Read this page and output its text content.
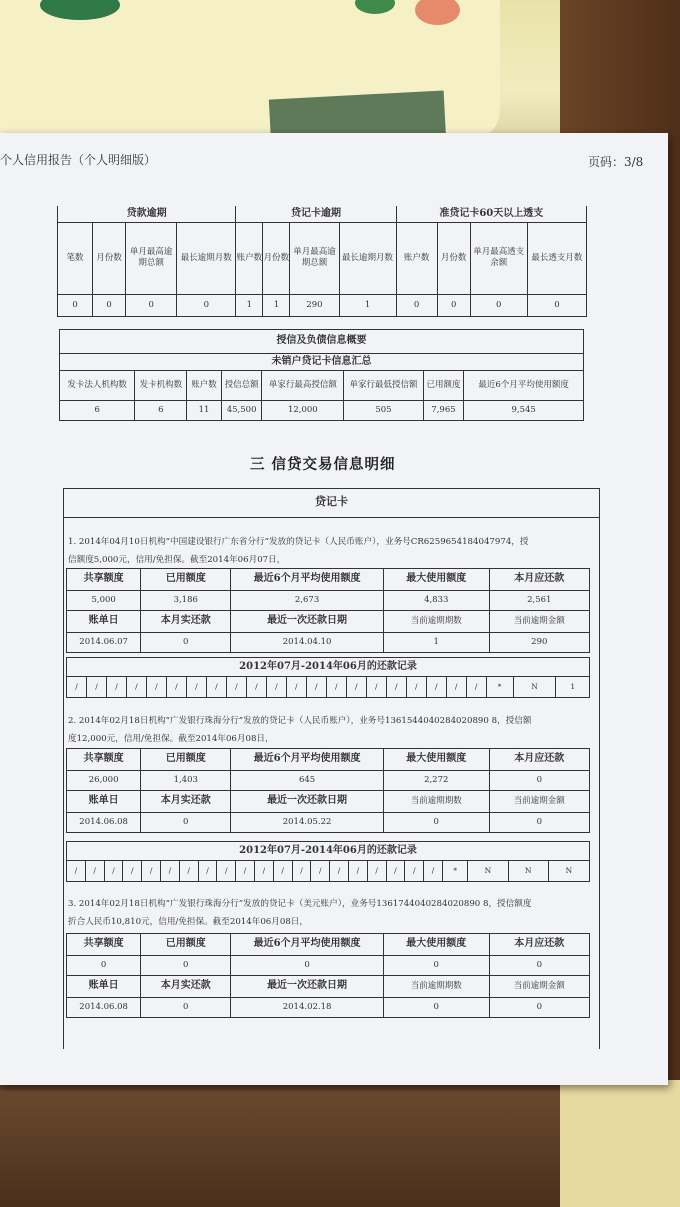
个人信用报告（个人明细版）	页码：3/8
贷款逾期				贷记卡逾期				准贷记卡60天以上透支			
笔数	月份数	单月最高逾期总额	最长逾期月数	账户数	月份数	单月最高逾期总额	最长逾期月数	账户数	月份数	单月最高透支余额	最长透支月数
0	0	0	0	1	1	290	1	0	0	0	0
授信及负债信息概要							
未销户贷记卡信息汇总							
发卡法人机构数	发卡机构数	账户数	授信总额	单家行最高授信额	单家行最低授信额	已用额度	最近6个月平均使用额度
6	6	11	45,500	12,000	505	7,965	9,545
三 信贷交易信息明细
贷记卡
1. 2014年04月10日机构“中国建设银行广东省分行”发放的贷记卡（人民币账户），业务号CR6259654184047974，授
信额度5,000元，信用/免担保。截至2014年06月07日，
共享额度	已用额度	最近6个月平均使用额度	最大使用额度	本月应还款
5,000	3,186	2,673	4,833	2,561
账单日	本月实还款	最近一次还款日期	当前逾期期数	当前逾期金额
2014.06.07	0	2014.04.10	1	290
2012年07月-2014年06月的还款记录
/	/	/	/	/	/	/	/	/	/	/	/	/	/	/	/	/	/	/	/	/	*	N	1
2. 2014年02月18日机构“广发银行珠海分行”发放的贷记卡（人民币账户），业务号1361544040284020890 8，授信额
度12,000元，信用/免担保。截至2014年06月08日，
共享额度	已用额度	最近6个月平均使用额度	最大使用额度	本月应还款
26,000	1,403	645	2,272	0
账单日	本月实还款	最近一次还款日期	当前逾期期数	当前逾期金额
2014.06.08	0	2014.05.22	0	0
2012年07月-2014年06月的还款记录
/	/	/	/	/	/	/	/	/	/	/	/	/	/	/	/	/	/	/	/	*	N	N	N
3. 2014年02月18日机构“广发银行珠海分行”发放的贷记卡（美元账户），业务号1361744040284020890 8，授信额度
折合人民币10,810元，信用/免担保。截至2014年06月08日，
共享额度	已用额度	最近6个月平均使用额度	最大使用额度	本月应还款
0	0	0	0	0
账单日	本月实还款	最近一次还款日期	当前逾期期数	当前逾期金额
2014.06.08	0	2014.02.18	0	0
